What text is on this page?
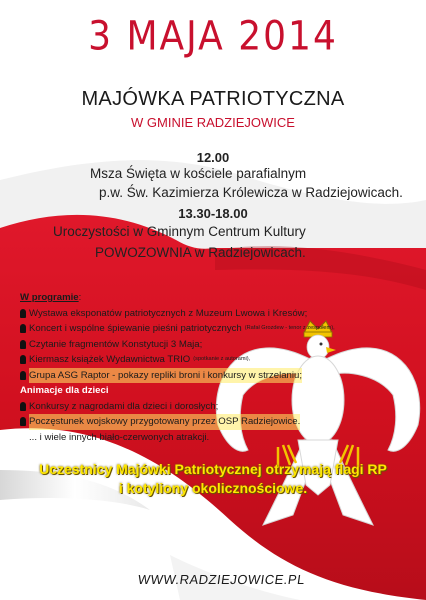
3 MAJA 2014
MAJÓWKA PATRIOTYCZNA
W GMINIE RADZIEJOWICE
12.00
Msza Święta w kościele parafialnym
p.w. Św. Kazimierza Królewicza w Radziejowicach.
13.30-18.00
Uroczystości w Gminnym Centrum Kultury
POWOZOWNIA w Radziejowicach.
W programie :
Wystawa eksponatów patriotycznych z Muzeum Lwowa i Kresów;
Koncert i wspólne śpiewanie pieśni patriotycznych (Rafał Grozdew - tenor z zespołem),
Czytanie fragmentów Konstytucji 3 Maja;
Kiermasz książek Wydawnictwa TRIO (spotkanie z autorami),
Grupa ASG Raptor - pokazy repliki broni i konkursy w strzelaniu;
Animacje dla dzieci
Konkursy z nagrodami dla dzieci i dorosłych;
Poczęstunek wojskowy przygotowany przez OSP Radziejowice.
... i wiele innych biało-czerwonych atrakcji.
Uczestnicy Majówki Patriotycznej otrzymają flagi RP
i kotyliony okolicznościowe.
Organizatorzy:
Gmina Radziejowice
GCK POWOZOWNIA w Radziejowicach
Gminna Biblioteka Publiczna w Radziejowicach
Świetlica Socjoterapeutyczna w Radziejowicach
OSP Radziejowice	WWW.RADZIEJOWICE.PL
